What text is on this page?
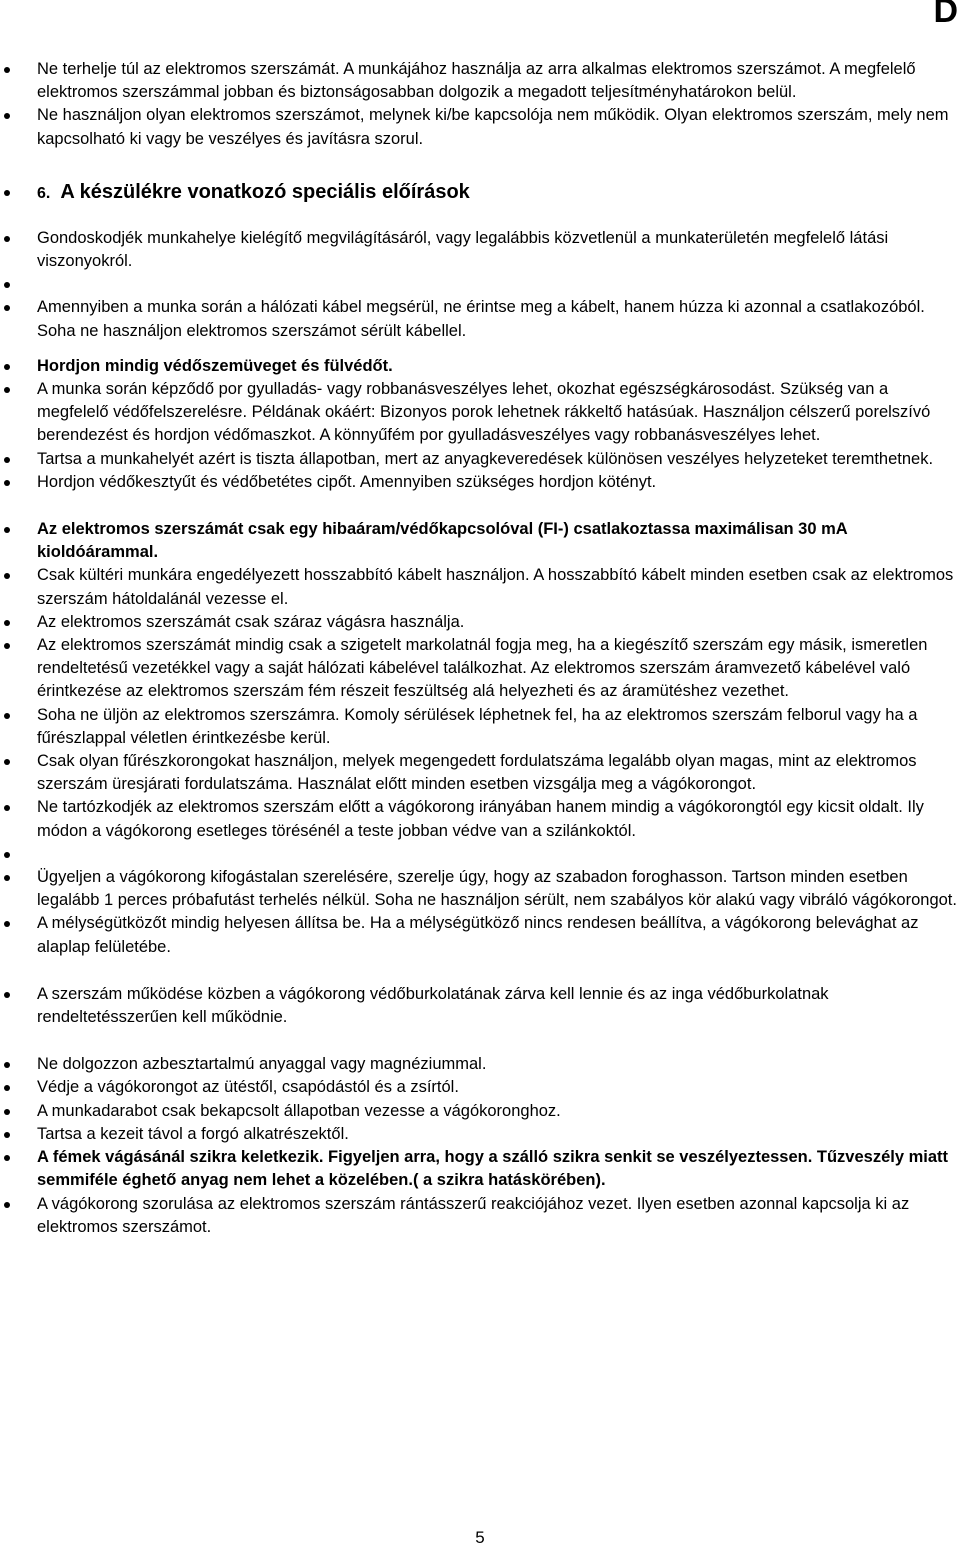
D
Ne terhelje túl az elektromos szerszámát. A munkájához használja az arra alkalmas elektromos szerszámot. A megfelelő elektromos szerszámmal jobban és biztonságosabban dolgozik a megadott teljesítményhatárokon belül.
Ne használjon olyan elektromos szerszámot, melynek ki/be kapcsolója nem működik. Olyan elektromos szerszám, mely nem kapcsolható ki vagy be veszélyes és javításra szorul.
6. A készülékre vonatkozó speciális előírások
Gondoskodjék munkahelye kielégítő megvilágításáról, vagy legalábbis közvetlenül a munkaterületén megfelelő látási viszonyokról.
Amennyiben a munka során a hálózati kábel megsérül, ne érintse meg a kábelt, hanem húzza ki azonnal a csatlakozóból. Soha ne használjon elektromos szerszámot sérült kábellel.
Hordjon mindig védőszemüveget és fülvédőt.
A munka során képződő por gyulladás- vagy robbanásveszélyes lehet, okozhat egészségkárosodást. Szükség van a megfelelő védőfelszerelésre. Példának okáért: Bizonyos porok lehetnek rákkeltő hatásúak. Használjon célszerű porelszívó berendezést és hordjon védőmaszkot. A könnyűfém por gyulladásveszélyes vagy robbanásveszélyes lehet.
Tartsa a munkahelyét azért is tiszta állapotban, mert az anyagkeveredések különösen veszélyes helyzeteket teremthetnek.
Hordjon védőkesztyűt és védőbetétes cipőt. Amennyiben szükséges hordjon kötényt.
Az elektromos szerszámát csak egy hibaáram/védőkapcsolóval (FI-) csatlakoztassa maximálisan 30 mA kioldóárammal.
Csak kültéri munkára engedélyezett hosszabbító kábelt használjon. A hosszabbító kábelt minden esetben csak az elektromos szerszám hátoldalánál vezesse el.
Az elektromos szerszámát csak száraz vágásra használja.
Az elektromos szerszámát mindig csak a szigetelt markolatnál fogja meg, ha a kiegészítő szerszám egy másik, ismeretlen rendeltetésű vezetékkel vagy a saját hálózati kábelével találkozhat. Az elektromos szerszám áramvezető kábelével való érintkezése az elektromos szerszám fém részeit feszültség alá helyezheti és az áramütéshez vezethet.
Soha ne üljön az elektromos szerszámra. Komoly sérülések léphetnek fel, ha az elektromos szerszám felborul vagy ha a fűrészlappal véletlen érintkezésbe kerül.
Csak olyan fűrészkorongokat használjon, melyek megengedett fordulatszáma legalább olyan magas, mint az elektromos szerszám üresjárati fordulatszáma. Használat előtt minden esetben vizsgálja meg a vágókorongot.
Ne tartózkodjék az elektromos szerszám előtt a vágókorong irányában hanem mindig a vágókorongtól egy kicsit oldalt. Ily módon a vágókorong esetleges törésénél a teste jobban védve van a szilánkoktól.
Ügyeljen a vágókorong kifogástalan szerelésére, szerelje úgy, hogy az szabadon foroghasson. Tartson minden esetben legalább 1 perces próbafutást terhelés nélkül. Soha ne használjon sérült, nem szabályos kör alakú vagy vibráló vágókorongot.
A mélységütközőt mindig helyesen állítsa be. Ha a mélységütköző nincs rendesen beállítva, a vágókorong belevághat az alaplap felületébe.
A szerszám működése közben a vágókorong védőburkolatának zárva kell lennie és az inga védőburkolatnak rendeltetésszerűen kell működnie.
Ne dolgozzon azbesztartalmú anyaggal vagy magnéziummal.
Védje a vágókorongot az ütéstől, csapódástól és a zsírtól.
A munkadarabot csak bekapcsolt állapotban vezesse a vágókoronghoz.
Tartsa a kezeit távol a forgó alkatrészektől.
A fémek vágásánál szikra keletkezik. Figyeljen arra, hogy a szálló szikra senkit se veszélyeztessen. Tűzveszély miatt semmiféle éghető anyag nem lehet a közelében.( a szikra hatáskörében).
A vágókorong szorulása az elektromos szerszám rántásszerű reakciójához vezet. Ilyen esetben azonnal kapcsolja ki az elektromos szerszámot.
5
